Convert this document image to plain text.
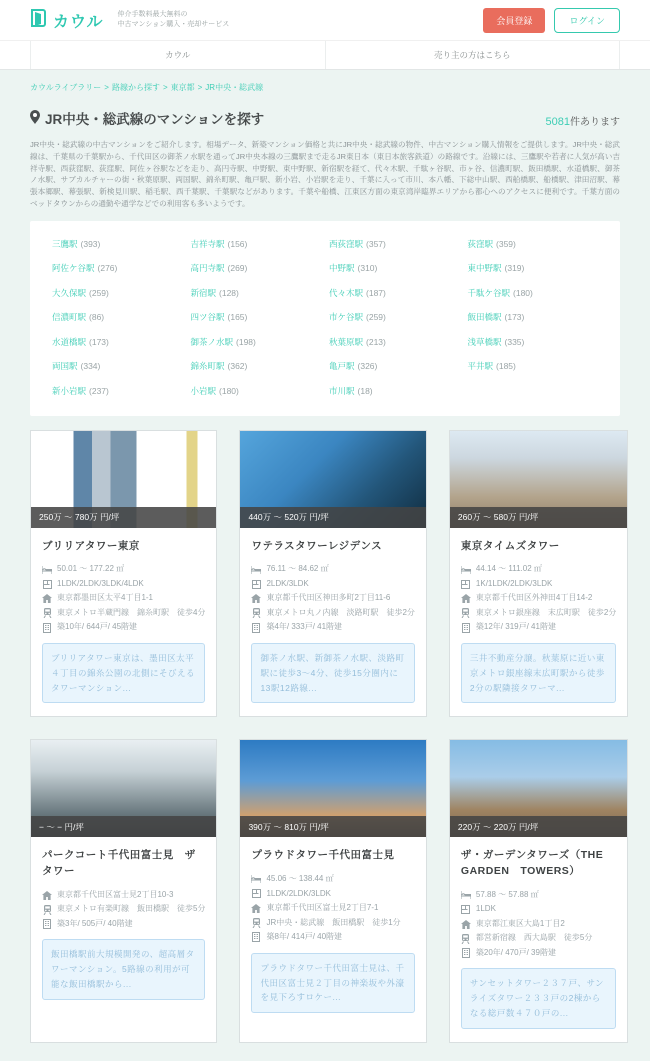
カウル 仲介手数料最大無料の
中古マンション購入・売却サービス	会員登録	ログイン
カウル	売り主の方はこちら
カウルライブラリー > 路線から探す > 東京都 > JR中央・総武線
JR中央・総武線のマンションを探す	5081件あります

JR中央・総武線の中古マンションをご紹介します。相場データ、新築マンション価格と共にJR中央・総武線の物件、中古マンション購入情報をご提供します。JR中央・総武線は、千葉県の千葉駅から、千代田区の御茶ノ水駅を通ってJR中央本線の三鷹駅まで走るJR東日本（東日本旅客鉄道）の路線です。沿線には、三鷹駅や若者に人気が高い吉祥寺駅、西荻窪駅、荻窪駅、阿佐ヶ谷駅などを走り、高円寺駅、中野駅、東中野駅、新宿駅を経て、代々木駅、千駄ヶ谷駅、市ヶ谷、信濃町駅、飯田橋駅、水道橋駅、御茶ノ水駅、サブカルチャーの街・秋葉原駅、両国駅、錦糸町駅、亀戸駅、新小岩、小岩駅を走り、千葉に入って市川、本八幡、下総中山駅、西船橋駅、船橋駅、津田沼駅、幕張本郷駅、幕張駅、新検見川駅、稲毛駅、西千葉駅、千葉駅などがあります。千葉や船橋、江東区方面の東京湾岸臨界エリアから都心へのアクセスに便利です。千葉方面のベッドタウンからの通勤や通学などでの利用客も多いようです。

三鷹駅 (393)	吉祥寺駅 (156)	西荻窪駅 (357)	荻窪駅 (359)
阿佐ケ谷駅 (276)	高円寺駅 (269)	中野駅 (310)	東中野駅 (319)
大久保駅 (259)	新宿駅 (128)	代々木駅 (187)	千駄ケ谷駅 (180)
信濃町駅 (86)	四ツ谷駅 (165)	市ケ谷駅 (259)	飯田橋駅 (173)
水道橋駅 (173)	御茶ノ水駅 (198)	秋葉原駅 (213)	浅草橋駅 (335)
両国駅 (334)	錦糸町駅 (362)	亀戸駅 (326)	平井駅 (185)
新小岩駅 (237)	小岩駅 (180)	市川駅 (18)
250万 〜 780万 円/坪
ブリリアタワー東京
50.01 〜 177.22 ㎡
1LDK/2LDK/3LDK/4LDK
東京都墨田区太平4丁目1-1
東京メトロ半蔵門線　錦糸町駅　徒歩4分
築10年/ 644戸/ 45階建
ブリリアタワー東京は、墨田区太平４丁目の錦糸公園の北側にそびえるタワーマンション...
440万 〜 520万 円/坪
ワテラスタワーレジデンス
76.11 〜 84.62 ㎡
2LDK/3LDK
東京都千代田区神田多町2丁目11-6
東京メトロ丸ノ内線　淡路町駅　徒歩2分
築4年/ 333戸/ 41階建
御茶ノ水駅、新御茶ノ水駅、淡路町駅に徒歩3～4分、徒歩15分圏内に13駅12路線...
260万 〜 580万 円/坪
東京タイムズタワー
44.14 〜 111.02 ㎡
1K/1LDK/2LDK/3LDK
東京都千代田区外神田4丁目14-2
東京メトロ銀座線　末広町駅　徒歩2分
築12年/ 319戸/ 41階建
三井不動産分譲。秋葉原に近い東京メトロ銀座線末広町駅から徒歩2分の駅隣接タワーマ...
− 〜 − 円/坪
パークコート千代田富士見　ザ　タワー
東京都千代田区富士見2丁目10-3
東京メトロ有楽町線　飯田橋駅　徒歩5分
築3年/ 505戸/ 40階建
飯田橋駅前大規模開発の、超高層タワーマンション。5路線の利用が可能な飯田橋駅から...
390万 〜 810万 円/坪
プラウドタワー千代田富士見
45.06 〜 138.44 ㎡
1LDK/2LDK/3LDK
東京都千代田区富士見2丁目7-1
JR中央・総武線　飯田橋駅　徒歩1分
築8年/ 414戸/ 40階建
プラウドタワー千代田富士見は、千代田区富士見２丁目の神楽坂や外濠を見下ろすロケー...
220万 〜 220万 円/坪
ザ・ガーデンタワーズ（THE　GARDEN　TOWERS）
57.88 〜 57.88 ㎡
1LDK
東京都江東区大島1丁目2
都営新宿線　西大島駅　徒歩5分
築20年/ 470戸/ 39階建
サンセットタワー２３７戸、サンライズタワー２３３戸の2棟からなる総戸数４７０戸の...
